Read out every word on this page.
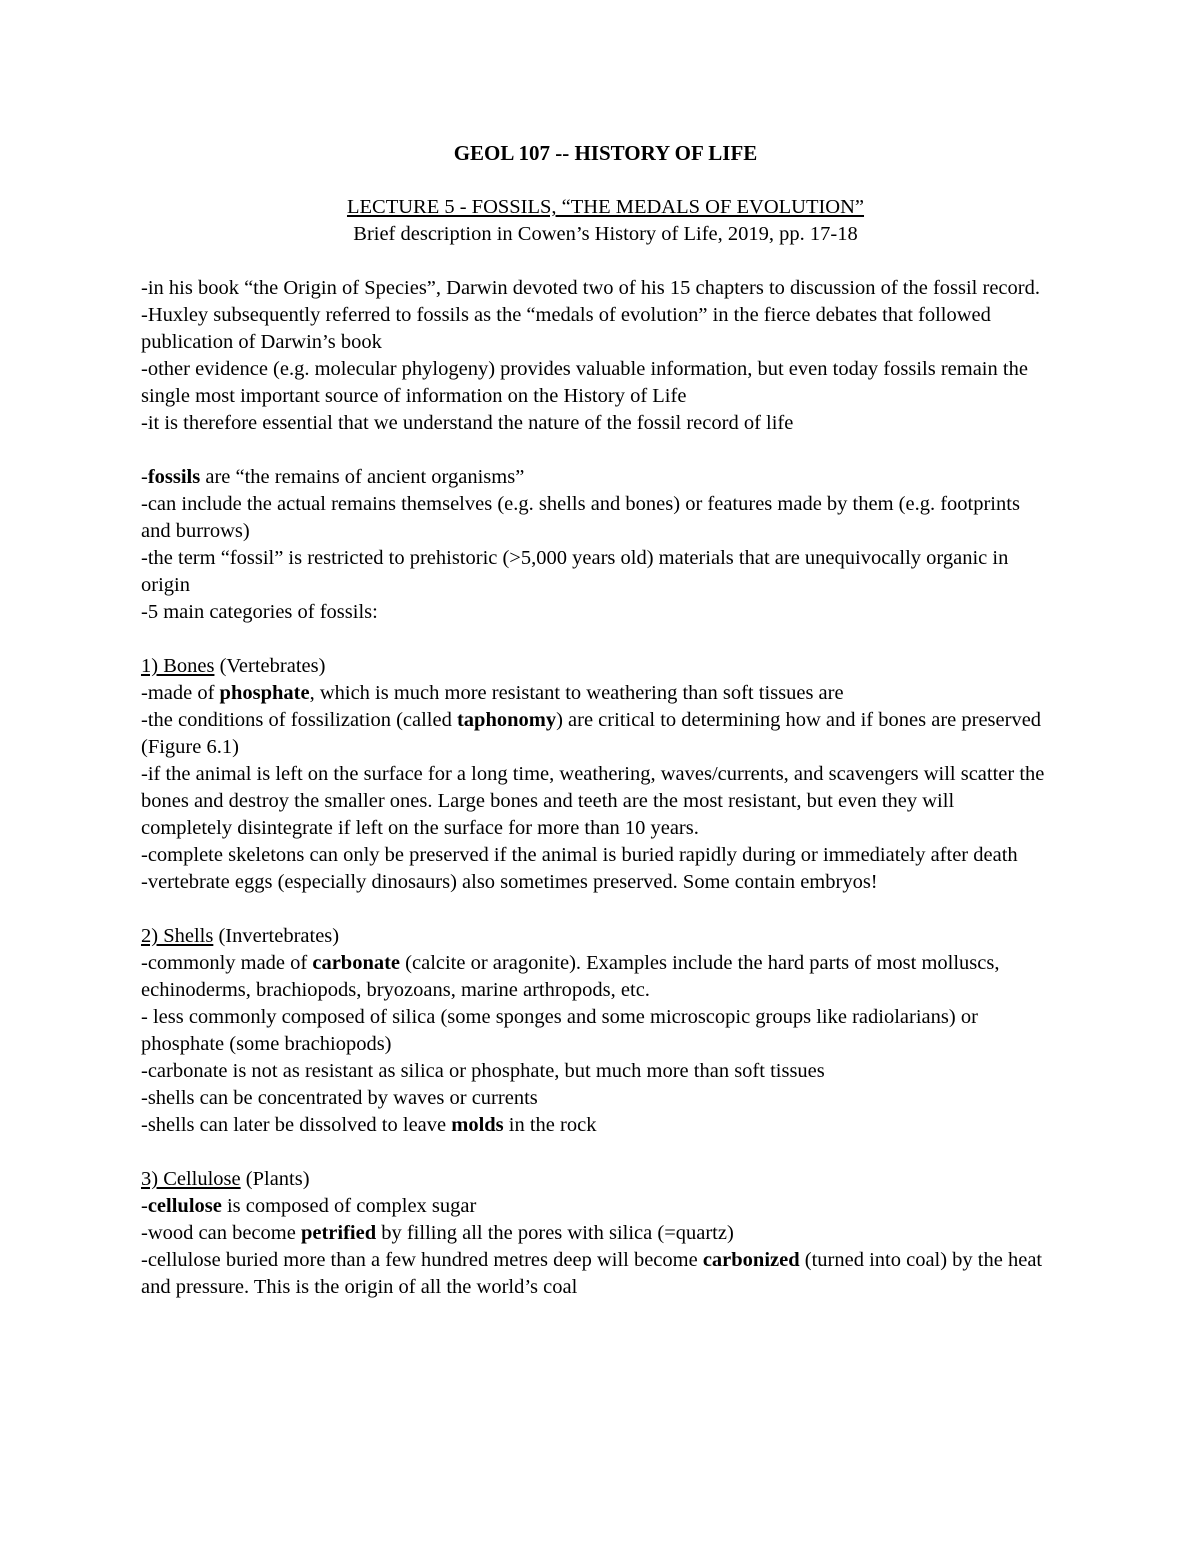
GEOL 107 -- HISTORY OF LIFE

LECTURE 5 - FOSSILS, “THE MEDALS OF EVOLUTION”

Brief description in Cowen’s History of Life, 2019, pp. 17-18

-in his book “the Origin of Species”, Darwin devoted two of his 15 chapters to discussion of the fossil record.

-Huxley subsequently referred to fossils as the “medals of evolution” in the fierce debates that followed publication of Darwin’s book

-other evidence (e.g. molecular phylogeny) provides valuable information, but even today fossils remain the single most important source of information on the History of Life

-it is therefore essential that we understand the nature of the fossil record of life

-fossils are “the remains of ancient organisms”

-can include the actual remains themselves (e.g. shells and bones) or features made by them (e.g. footprints and burrows)

-the term “fossil” is restricted to prehistoric (>5,000 years old) materials that are unequivocally organic in origin

-5 main categories of fossils:

1) Bones (Vertebrates)

-made of phosphate, which is much more resistant to weathering than soft tissues are

-the conditions of fossilization (called taphonomy) are critical to determining how and if bones are preserved (Figure 6.1)

-if the animal is left on the surface for a long time, weathering, waves/currents, and scavengers will scatter the bones and destroy the smaller ones. Large bones and teeth are the most resistant, but even they will completely disintegrate if left on the surface for more than 10 years.

-complete skeletons can only be preserved if the animal is buried rapidly during or immediately after death

-vertebrate eggs (especially dinosaurs) also sometimes preserved. Some contain embryos!

2) Shells (Invertebrates)

-commonly made of carbonate (calcite or aragonite). Examples include the hard parts of most molluscs, echinoderms, brachiopods, bryozoans, marine arthropods, etc.

- less commonly composed of silica (some sponges and some microscopic groups like radiolarians) or phosphate (some brachiopods)

-carbonate is not as resistant as silica or phosphate, but much more than soft tissues

-shells can be concentrated by waves or currents

-shells can later be dissolved to leave molds in the rock

3) Cellulose (Plants)

-cellulose is composed of complex sugar

-wood can become petrified by filling all the pores with silica (=quartz)

-cellulose buried more than a few hundred metres deep will become carbonized (turned into coal) by the heat and pressure. This is the origin of all the world’s coal
